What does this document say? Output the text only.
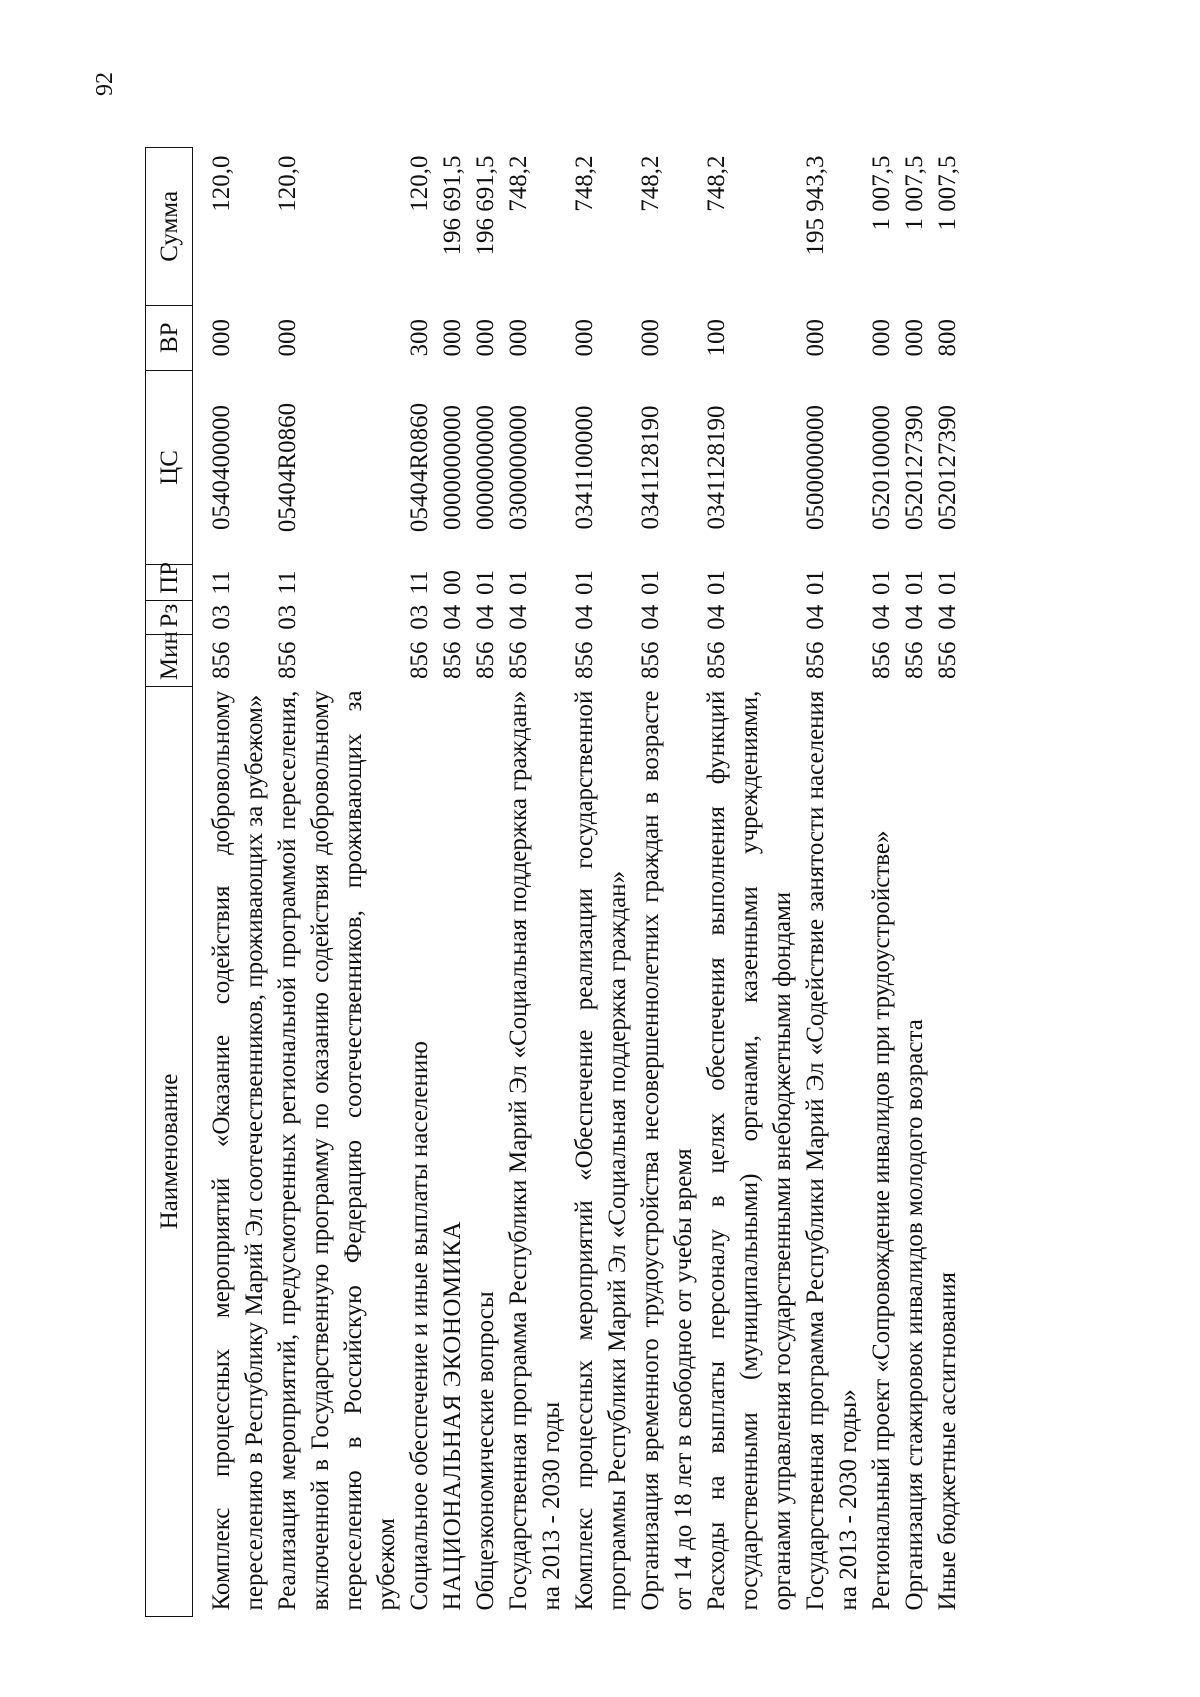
92
Наименование	Мин	Рз	ПР	ЦС	ВР	Сумма

Комплекс процессных мероприятий «Оказание содействия добровольному переселению в Республику Марий Эл соотечественников, проживающих за рубежом»	856	03	11	0540400000	000	120,0
Реализация мероприятий, предусмотренных региональной программой переселения, включенной в Государственную программу по оказанию содействия добровольному переселению в Российскую Федерацию соотечественников, проживающих за рубежом	856	03	11	05404R0860	000	120,0
Социальное обеспечение и иные выплаты населению	856	03	11	05404R0860	300	120,0
НАЦИОНАЛЬНАЯ ЭКОНОМИКА	856	04	00	0000000000	000	196 691,5
Общеэкономические вопросы	856	04	01	0000000000	000	196 691,5
Государственная программа Республики Марий Эл «Социальная поддержка граждан» на 2013 - 2030 годы	856	04	01	0300000000	000	748,2
Комплекс процессных мероприятий «Обеспечение реализации государственной программы Республики Марий Эл «Социальная поддержка граждан»	856	04	01	0341100000	000	748,2
Организация временного трудоустройства несовершеннолетних граждан в возрасте от 14 до 18 лет в свободное от учебы время	856	04	01	0341128190	000	748,2
Расходы на выплаты персоналу в целях обеспечения выполнения функций государственными (муниципальными) органами, казенными учреждениями, органами управления государственными внебюджетными фондами	856	04	01	0341128190	100	748,2
Государственная программа Республики Марий Эл «Содействие занятости населения на 2013 - 2030 годы»	856	04	01	0500000000	000	195 943,3
Региональный проект «Сопровождение инвалидов при трудоустройстве»	856	04	01	0520100000	000	1 007,5
Организация стажировок инвалидов молодого возраста	856	04	01	0520127390	000	1 007,5
Иные бюджетные ассигнования	856	04	01	0520127390	800	1 007,5
